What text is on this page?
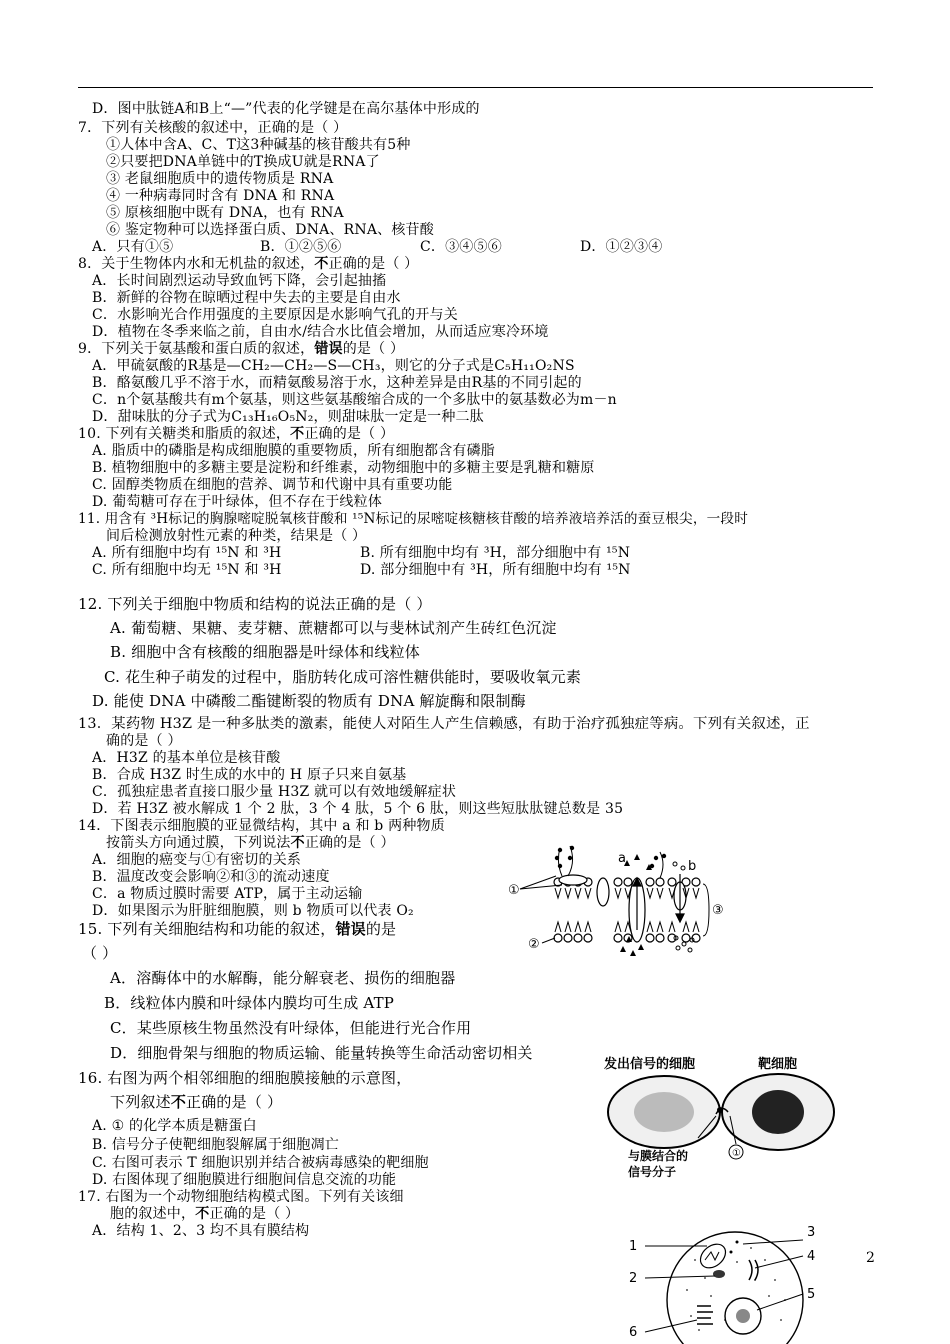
D．图中肽链A和B上“—”代表的化学键是在高尔基体中形成的
7．下列有关核酸的叙述中，正确的是（ ）
①人体中含A、C、T这3种碱基的核苷酸共有5种
②只要把DNA单链中的T换成U就是RNA了
③ 老鼠细胞质中的遗传物质是 RNA
④ 一种病毒同时含有 DNA 和 RNA
⑤ 原核细胞中既有 DNA，也有 RNA
⑥ 鉴定物种可以选择蛋白质、DNA、RNA、核苷酸
A．只有①⑤	B．①②⑤⑥	C．③④⑤⑥	D．①②③④
8．关于生物体内水和无机盐的叙述，不正确的是（ ）
A．长时间剧烈运动导致血钙下降，会引起抽搐
B．新鲜的谷物在晾晒过程中失去的主要是自由水
C．水影响光合作用强度的主要原因是水影响气孔的开与关
D．植物在冬季来临之前，自由水/结合水比值会增加，从而适应寒冷环境
9．下列关于氨基酸和蛋白质的叙述，错误的是（ ）
A．甲硫氨酸的R基是—CH₂—CH₂—S—CH₃，则它的分子式是C₅H₁₁O₂NS
B．酪氨酸几乎不溶于水，而精氨酸易溶于水，这种差异是由R基的不同引起的
C．n个氨基酸共有m个氨基，则这些氨基酸缩合成的一个多肽中的氨基数必为m－n
D．甜味肽的分子式为C₁₃H₁₆O₅N₂，则甜味肽一定是一种二肽
10. 下列有关糖类和脂质的叙述，不正确的是（ ）
A. 脂质中的磷脂是构成细胞膜的重要物质，所有细胞都含有磷脂
B. 植物细胞中的多糖主要是淀粉和纤维素，动物细胞中的多糖主要是乳糖和糖原
C. 固醇类物质在细胞的营养、调节和代谢中具有重要功能
D. 葡萄糖可存在于叶绿体，但不存在于线粒体
11. 用含有 ³H标记的胸腺嘧啶脱氧核苷酸和 ¹⁵N标记的尿嘧啶核糖核苷酸的培养液培养活的蚕豆根尖，一段时
间后检测放射性元素的种类，结果是（ ）
A. 所有细胞中均有 ¹⁵N 和 ³H	B. 所有细胞中均有 ³H，部分细胞中有 ¹⁵N
C. 所有细胞中均无 ¹⁵N 和 ³H	D. 部分细胞中有 ³H，所有细胞中均有 ¹⁵N
12. 下列关于细胞中物质和结构的说法正确的是（ ）
A. 葡萄糖、果糖、麦芽糖、蔗糖都可以与斐林试剂产生砖红色沉淀
B. 细胞中含有核酸的细胞器是叶绿体和线粒体
C. 花生种子萌发的过程中，脂肪转化成可溶性糖供能时，要吸收氧元素
D. 能使 DNA 中磷酸二酯键断裂的物质有 DNA 解旋酶和限制酶
13．某药物 H3Z 是一种多肽类的激素，能使人对陌生人产生信赖感，有助于治疗孤独症等病。下列有关叙述，正
确的是（ ）
A．H3Z 的基本单位是核苷酸
B．合成 H3Z 时生成的水中的 H 原子只来自氨基
C．孤独症患者直接口服少量 H3Z 就可以有效地缓解症状
D．若 H3Z 被水解成 1 个 2 肽，3 个 4 肽，5 个 6 肽，则这些短肽肽键总数是 35
14．下图表示细胞膜的亚显微结构，其中 a 和 b 两种物质
按箭头方向通过膜，下列说法不正确的是（ ）
A．细胞的癌变与①有密切的关系
B．温度改变会影响②和③的流动速度
C．a 物质过膜时需要 ATP，属于主动运输
D．如果图示为肝脏细胞膜，则 b 物质可以代表 O₂
15. 下列有关细胞结构和功能的叙述，错误的是
（ ）
A．溶酶体中的水解酶，能分解衰老、损伤的细胞器
B．线粒体内膜和叶绿体内膜均可生成 ATP
C．某些原核生物虽然没有叶绿体，但能进行光合作用
D．细胞骨架与细胞的物质运输、能量转换等生命活动密切相关
16. 右图为两个相邻细胞的细胞膜接触的示意图，
下列叙述不正确的是（ ）
A. ① 的化学本质是糖蛋白
B. 信号分子使靶细胞裂解属于细胞凋亡
C. 右图可表示 T 细胞识别并结合被病毒感染的靶细胞
D. 右图体现了细胞膜进行细胞间信息交流的功能
17. 右图为一个动物细胞结构模式图。下列有关该细
胞的叙述中，不正确的是（ ）
A．结构 1、2、3 均不具有膜结构
①
②
③
a
b
发出信号的细胞	靶细胞
①
与膜结合的
信号分子
1
2
3
4
5
6
2
